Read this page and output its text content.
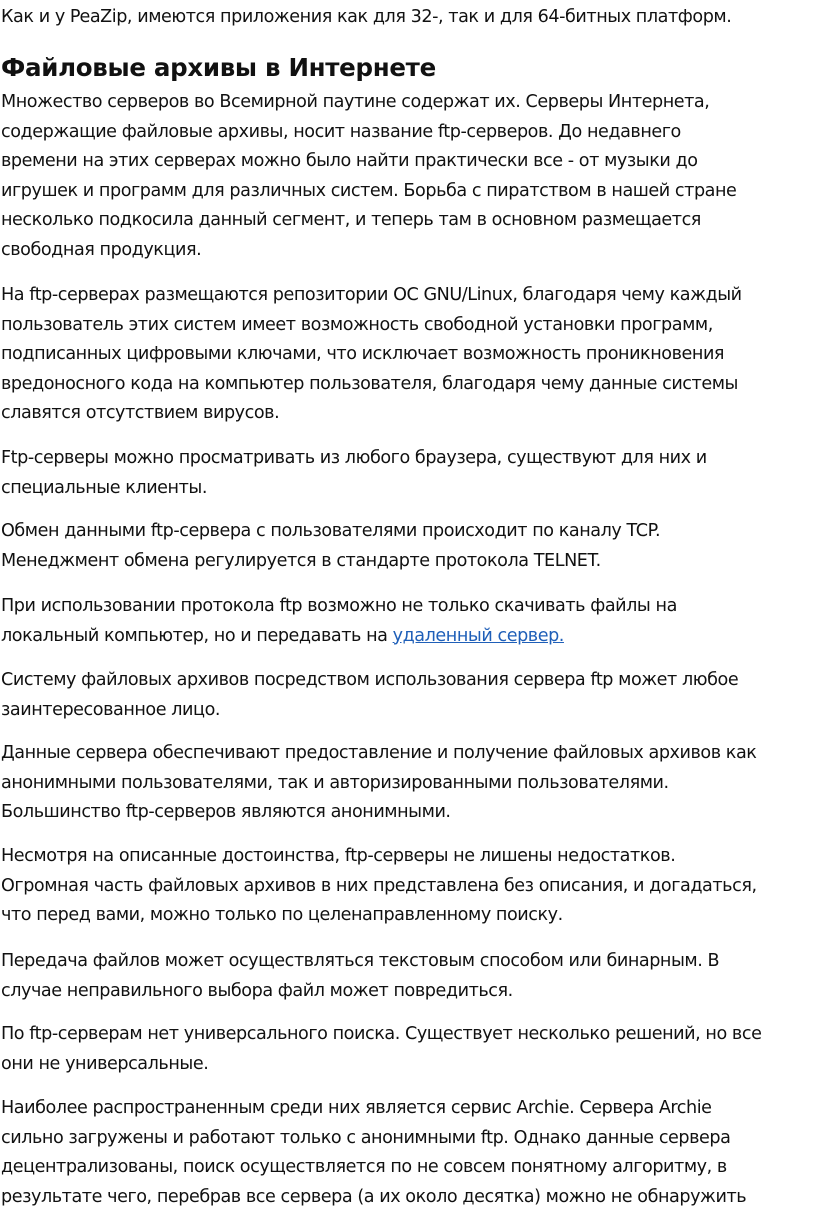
Как и у PeaZip, имеются приложения как для 32-, так и для 64-битных платформ.

Файловые архивы в Интернете

Множество серверов во Всемирной паутине содержат их. Серверы Интернета,
содержащие файловые архивы, носит название ftp-серверов. До недавнего
времени на этих серверах можно было найти практически все - от музыки до
игрушек и программ для различных систем. Борьба с пиратством в нашей стране
несколько подкосила данный сегмент, и теперь там в основном размещается
свободная продукция.

На ftp-серверах размещаются репозитории ОС GNU/Linux, благодаря чему каждый
пользователь этих систем имеет возможность свободной установки программ,
подписанных цифровыми ключами, что исключает возможность проникновения
вредоносного кода на компьютер пользователя, благодаря чему данные системы
славятся отсутствием вирусов.

Ftp-серверы можно просматривать из любого браузера, существуют для них и
специальные клиенты.

Обмен данными ftp-сервера с пользователями происходит по каналу TCP.
Менеджмент обмена регулируется в стандарте протокола TELNET.

При использовании протокола ftp возможно не только скачивать файлы на
локальный компьютер, но и передавать на удаленный сервер.

Систему файловых архивов посредством использования сервера ftp может любое
заинтересованное лицо.

Данные сервера обеспечивают предоставление и получение файловых архивов как
анонимными пользователями, так и авторизированными пользователями.
Большинство ftp-серверов являются анонимными.

Несмотря на описанные достоинства, ftp-серверы не лишены недостатков.
Огромная часть файловых архивов в них представлена без описания, и догадаться,
что перед вами, можно только по целенаправленному поиску.

Передача файлов может осуществляться текстовым способом или бинарным. В
случае неправильного выбора файл может повредиться.

По ftp-серверам нет универсального поиска. Существует несколько решений, но все
они не универсальные.

Наиболее распространенным среди них является сервис Archie. Сервера Archie
сильно загружены и работают только с анонимными ftp. Однако данные сервера
децентрализованы, поиск осуществляется по не совсем понятному алгоритму, в
результате чего, перебрав все сервера (а их около десятка) можно не обнаружить
